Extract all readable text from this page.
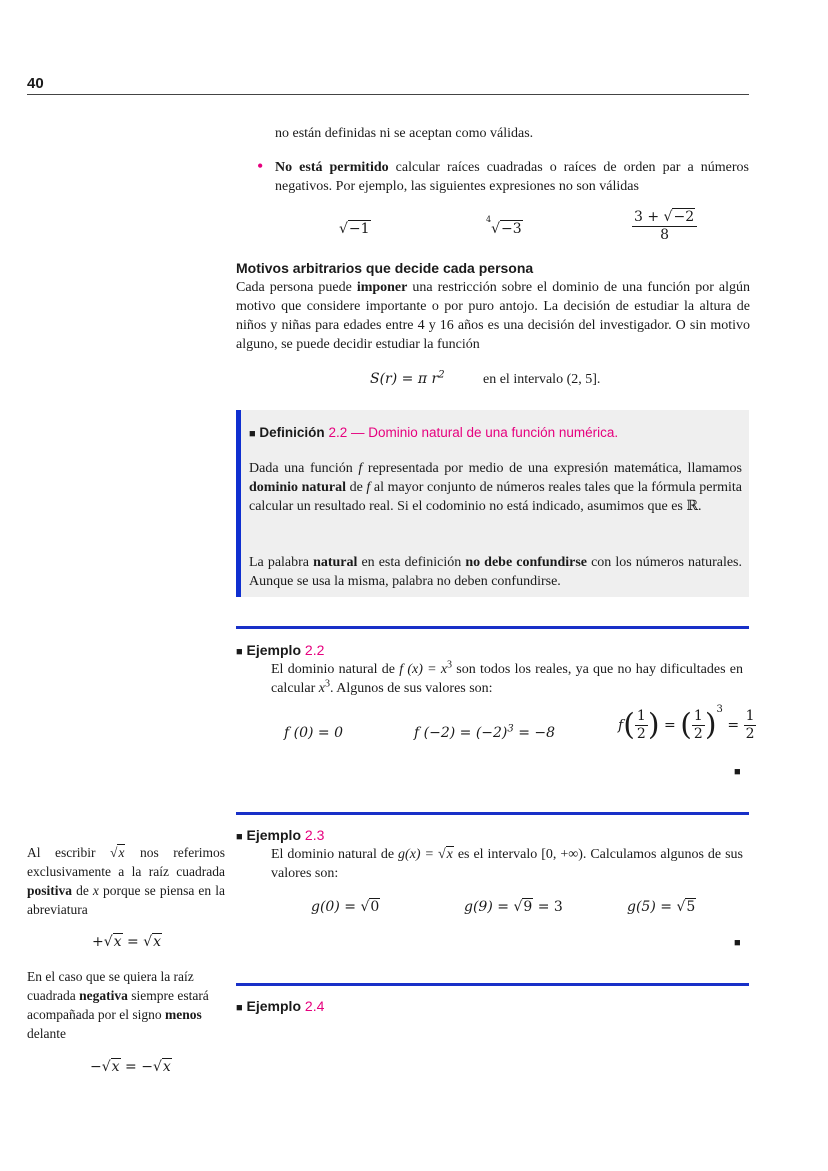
40
no están definidas ni se aceptan como válidas.
• No está permitido calcular raíces cuadradas o raíces de orden par a números negativos. Por ejemplo, las siguientes expresiones no son válidas
√−1
$^4$√−3	$\frac{3 + √-2}{8}$
Motivos arbitrarios que decide cada persona
Cada persona puede imponer una restricción sobre el dominio de una función por algún motivo que considere importante o por puro antojo. La decisión de estudiar la altura de niños y niñas para edades entre 4 y 16 años es una decisión del investigador. O sin motivo alguno, se puede decidir estudiar la función
S(r) = π $r^2$	en el intervalo (2, 5].
■ Definición 2.2 — Dominio natural de una función numérica.
Dada una función f representada por medio de una expresión matemática, llamamos dominio natural de f al mayor conjunto de números reales tales que la fórmula permita calcular un resultado real. Si el codominio no está indicado, asumimos que es ℝ.
La palabra natural en esta definición no debe confundirse con los números naturales. Aunque se usa la misma, palabra no deben confundirse.
■ Ejemplo 2.2
El dominio natural de f $(x) = x^3$ son todos los reales, ya que no hay dificultades en calcular $x^3$. Algunos de sus valores son:
f (0) = 0	f $(-2) = (-2)^3 = -8$	$f( \frac{1}{2}$ ) = ( $\frac{1}{2} )^3 = \frac{1}{2}$
■
■ Ejemplo 2.3
El dominio natural de g(x) = √x es el intervalo [0, +∞). Calculamos algunos de sus valores son:
g(0) = √0	g(9) = √9 = 3	g(5) = √5
■
■ Ejemplo 2.4
Al escribir √x nos referimos exclusivamente a la raíz cuadrada positiva de x porque se piensa en la abreviatura
+√x = √x
En el caso que se quiera la raíz cuadrada negativa siempre estará acompañada por el signo menos delante
−√x = −√x
